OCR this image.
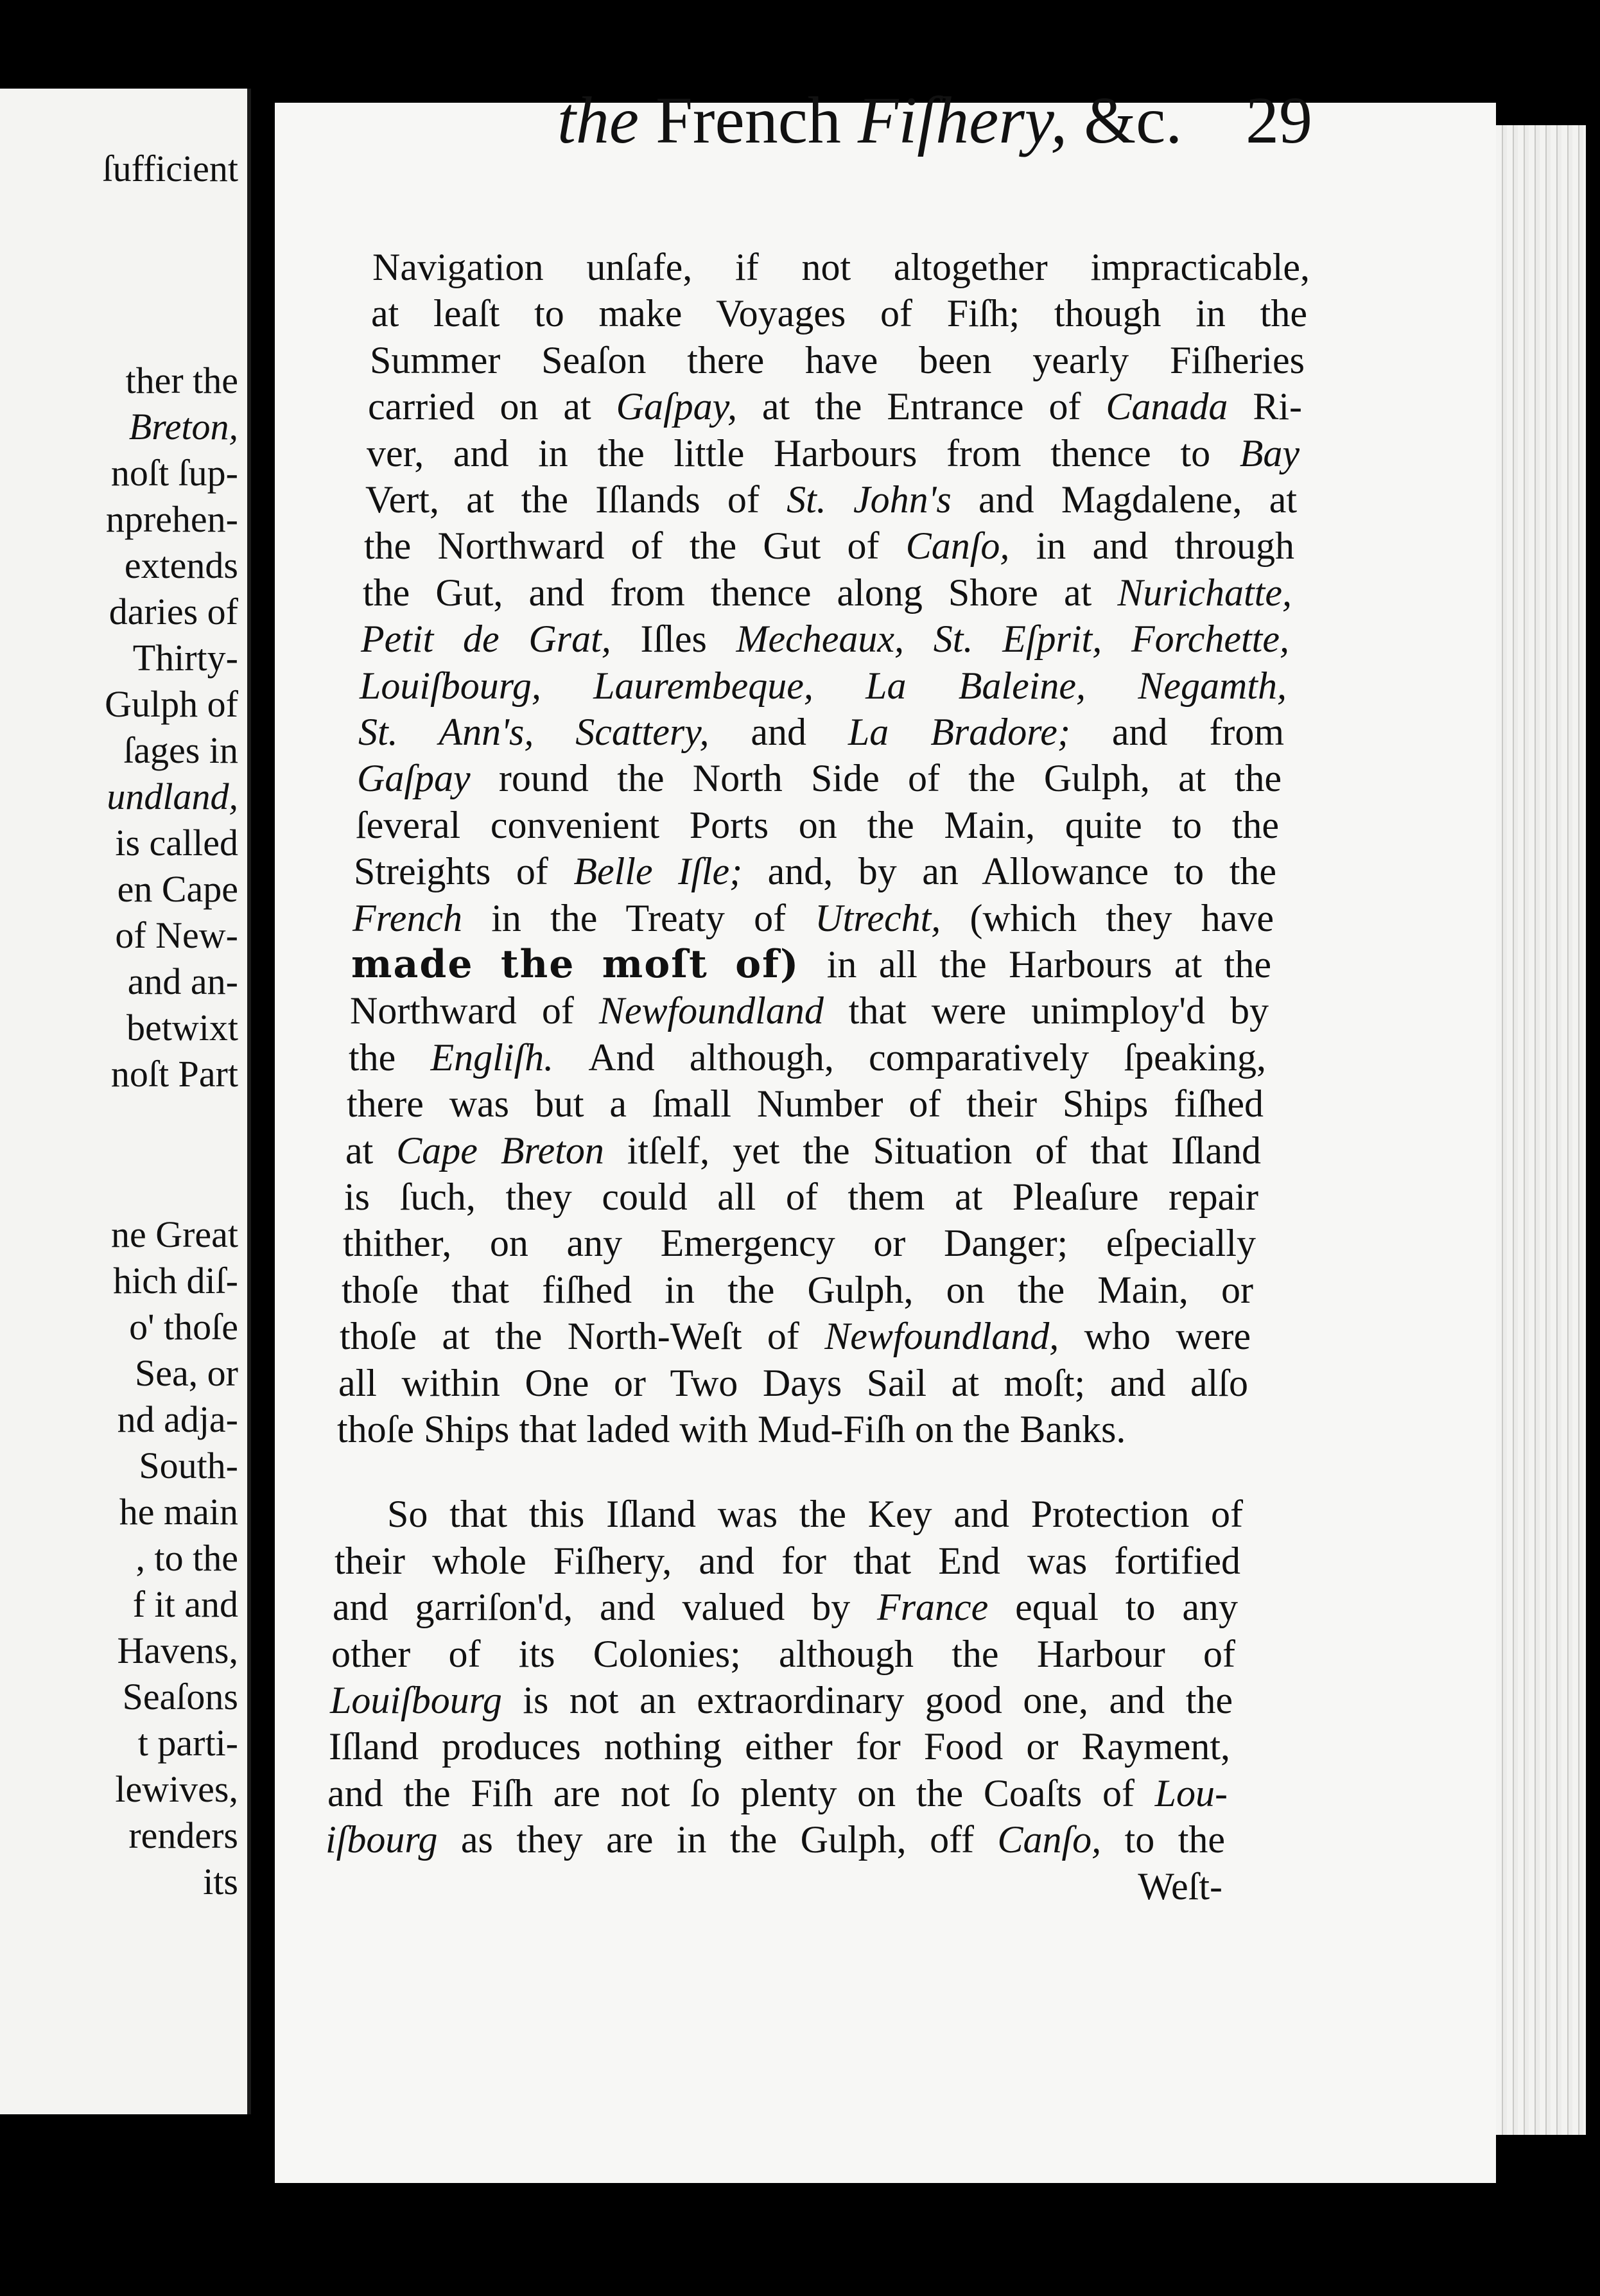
ſufficient
ther the
Breton,
noſt ſup-
nprehen-
extends
daries of
Thirty-
Gulph of
ſages in
undland,
is called
en Cape
of New-
and an-
betwixt
noſt Part
ne Great
hich diſ-
o' thoſe
Sea, or
nd adja-
South-
he main
, to the
f it and
Havens,
Seaſons
t parti-
lewives,
renders
its
the French Fiſhery, &c. 29
Navigation unſafe, if not altogether impracticable,
at leaſt to make Voyages of Fiſh; though in the
Summer Seaſon there have been yearly Fiſheries
carried on at Gaſpay, at the Entrance of Canada Ri-
ver, and in the little Harbours from thence to Bay
Vert, at the Iſlands of St. John's and Magdalene, at
the Northward of the Gut of Canſo, in and through
the Gut, and from thence along Shore at Nurichatte,
Petit de Grat, Iſles Mecheaux, St. Eſprit, Forchette,
Louiſbourg, Laurembeque, La Baleine, Negamth,
St. Ann's, Scattery, and La Bradore; and from
Gaſpay round the North Side of the Gulph, at the
ſeveral convenient Ports on the Main, quite to the
Streights of Belle Iſle; and, by an Allowance to the
French in the Treaty of Utrecht, (which they have
made the moſt of) in all the Harbours at the
Northward of Newfoundland that were unimploy'd by
the Engliſh. And although, comparatively ſpeaking,
there was but a ſmall Number of their Ships fiſhed
at Cape Breton itſelf, yet the Situation of that Iſland
is ſuch, they could all of them at Pleaſure repair
thither, on any Emergency or Danger; eſpecially
thoſe that fiſhed in the Gulph, on the Main, or
thoſe at the North-Weſt of Newfoundland, who were
all within One or Two Days Sail at moſt; and alſo
thoſe Ships that laded with Mud-Fiſh on the Banks.
So that this Iſland was the Key and Protection of
their whole Fiſhery, and for that End was fortified
and garriſon'd, and valued by France equal to any
other of its Colonies; although the Harbour of
Louiſbourg is not an extraordinary good one, and the
Iſland produces nothing either for Food or Rayment,
and the Fiſh are not ſo plenty on the Coaſts of Lou-
iſbourg as they are in the Gulph, off Canſo, to the
Weſt-
